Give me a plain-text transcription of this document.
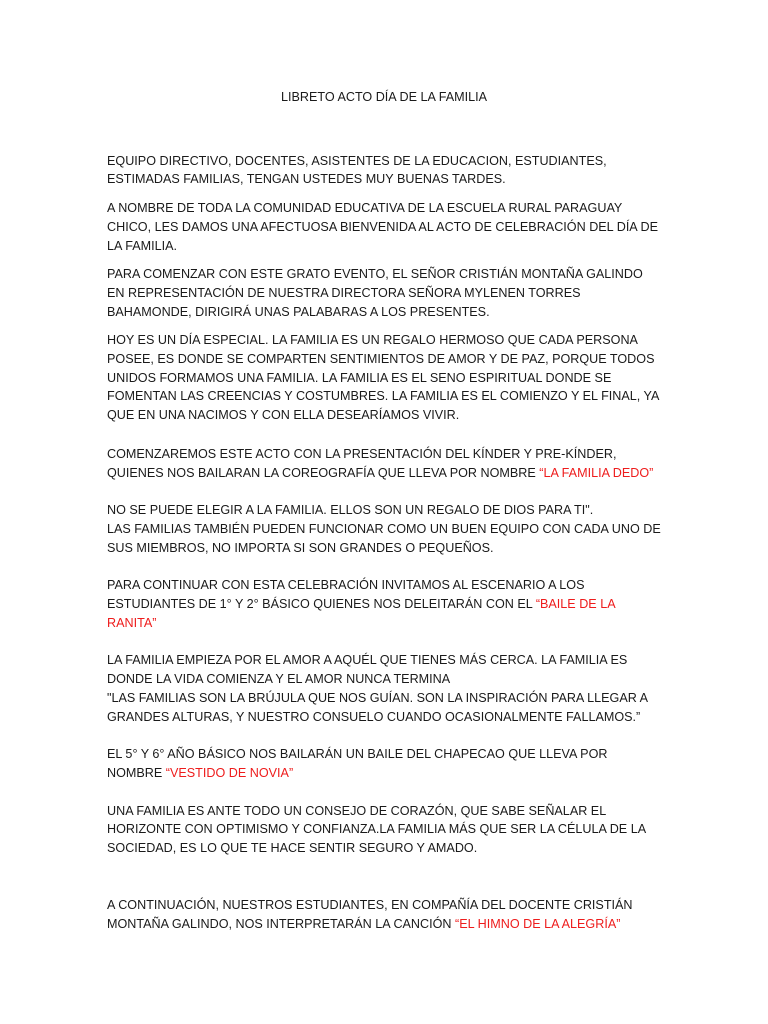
LIBRETO ACTO DÍA DE LA FAMILIA

EQUIPO DIRECTIVO, DOCENTES, ASISTENTES DE LA EDUCACION, ESTUDIANTES, ESTIMADAS FAMILIAS, TENGAN USTEDES MUY BUENAS TARDES.

A NOMBRE DE TODA LA COMUNIDAD EDUCATIVA DE LA ESCUELA RURAL PARAGUAY CHICO, LES DAMOS UNA AFECTUOSA BIENVENIDA AL ACTO DE CELEBRACIÓN DEL DÍA DE LA FAMILIA.

PARA COMENZAR CON ESTE GRATO EVENTO, EL SEÑOR CRISTIÁN MONTAÑA GALINDO EN REPRESENTACIÓN DE NUESTRA DIRECTORA SEÑORA MYLENEN TORRES BAHAMONDE, DIRIGIRÁ UNAS PALABARAS A LOS PRESENTES.

HOY ES UN DÍA ESPECIAL. LA FAMILIA ES UN REGALO HERMOSO QUE CADA PERSONA POSEE, ES DONDE SE COMPARTEN SENTIMIENTOS DE AMOR Y DE PAZ, PORQUE TODOS UNIDOS FORMAMOS UNA FAMILIA. LA FAMILIA ES EL SENO ESPIRITUAL DONDE SE FOMENTAN LAS CREENCIAS Y COSTUMBRES. LA FAMILIA ES EL COMIENZO Y EL FINAL, YA QUE EN UNA NACIMOS Y CON ELLA DESEARÍAMOS VIVIR.

COMENZAREMOS ESTE ACTO CON LA PRESENTACIÓN DEL KÍNDER Y PRE-KÍNDER, QUIENES NOS BAILARAN LA COREOGRAFÍA QUE LLEVA POR NOMBRE “LA FAMILIA DEDO”

NO SE PUEDE ELEGIR A LA FAMILIA. ELLOS SON UN REGALO DE DIOS PARA TI".
LAS FAMILIAS TAMBIÉN PUEDEN FUNCIONAR COMO UN BUEN EQUIPO CON CADA UNO DE SUS MIEMBROS, NO IMPORTA SI SON GRANDES O PEQUEÑOS.

PARA CONTINUAR CON ESTA CELEBRACIÓN INVITAMOS AL ESCENARIO A LOS ESTUDIANTES DE 1° Y 2° BÁSICO QUIENES NOS DELEITARÁN CON EL “BAILE DE LA RANITA”

LA FAMILIA EMPIEZA POR EL AMOR A AQUÉL QUE TIENES MÁS CERCA. LA FAMILIA ES DONDE LA VIDA COMIENZA Y EL AMOR NUNCA TERMINA
"LAS FAMILIAS SON LA BRÚJULA QUE NOS GUÍAN. SON LA INSPIRACIÓN PARA LLEGAR A GRANDES ALTURAS, Y NUESTRO CONSUELO CUANDO OCASIONALMENTE FALLAMOS.”

EL 5° Y 6° AÑO BÁSICO NOS BAILARÁN UN BAILE DEL CHAPECAO QUE LLEVA POR NOMBRE “VESTIDO DE NOVIA”

UNA FAMILIA ES ANTE TODO UN CONSEJO DE CORAZÓN, QUE SABE SEÑALAR EL HORIZONTE CON OPTIMISMO Y CONFIANZA.LA FAMILIA MÁS QUE SER LA CÉLULA DE LA SOCIEDAD, ES LO QUE TE HACE SENTIR SEGURO Y AMADO.

A CONTINUACIÓN, NUESTROS ESTUDIANTES, EN COMPAÑÍA DEL DOCENTE CRISTIÁN MONTAÑA GALINDO, NOS INTERPRETARÁN LA CANCIÓN “EL HIMNO DE LA ALEGRÍA”
